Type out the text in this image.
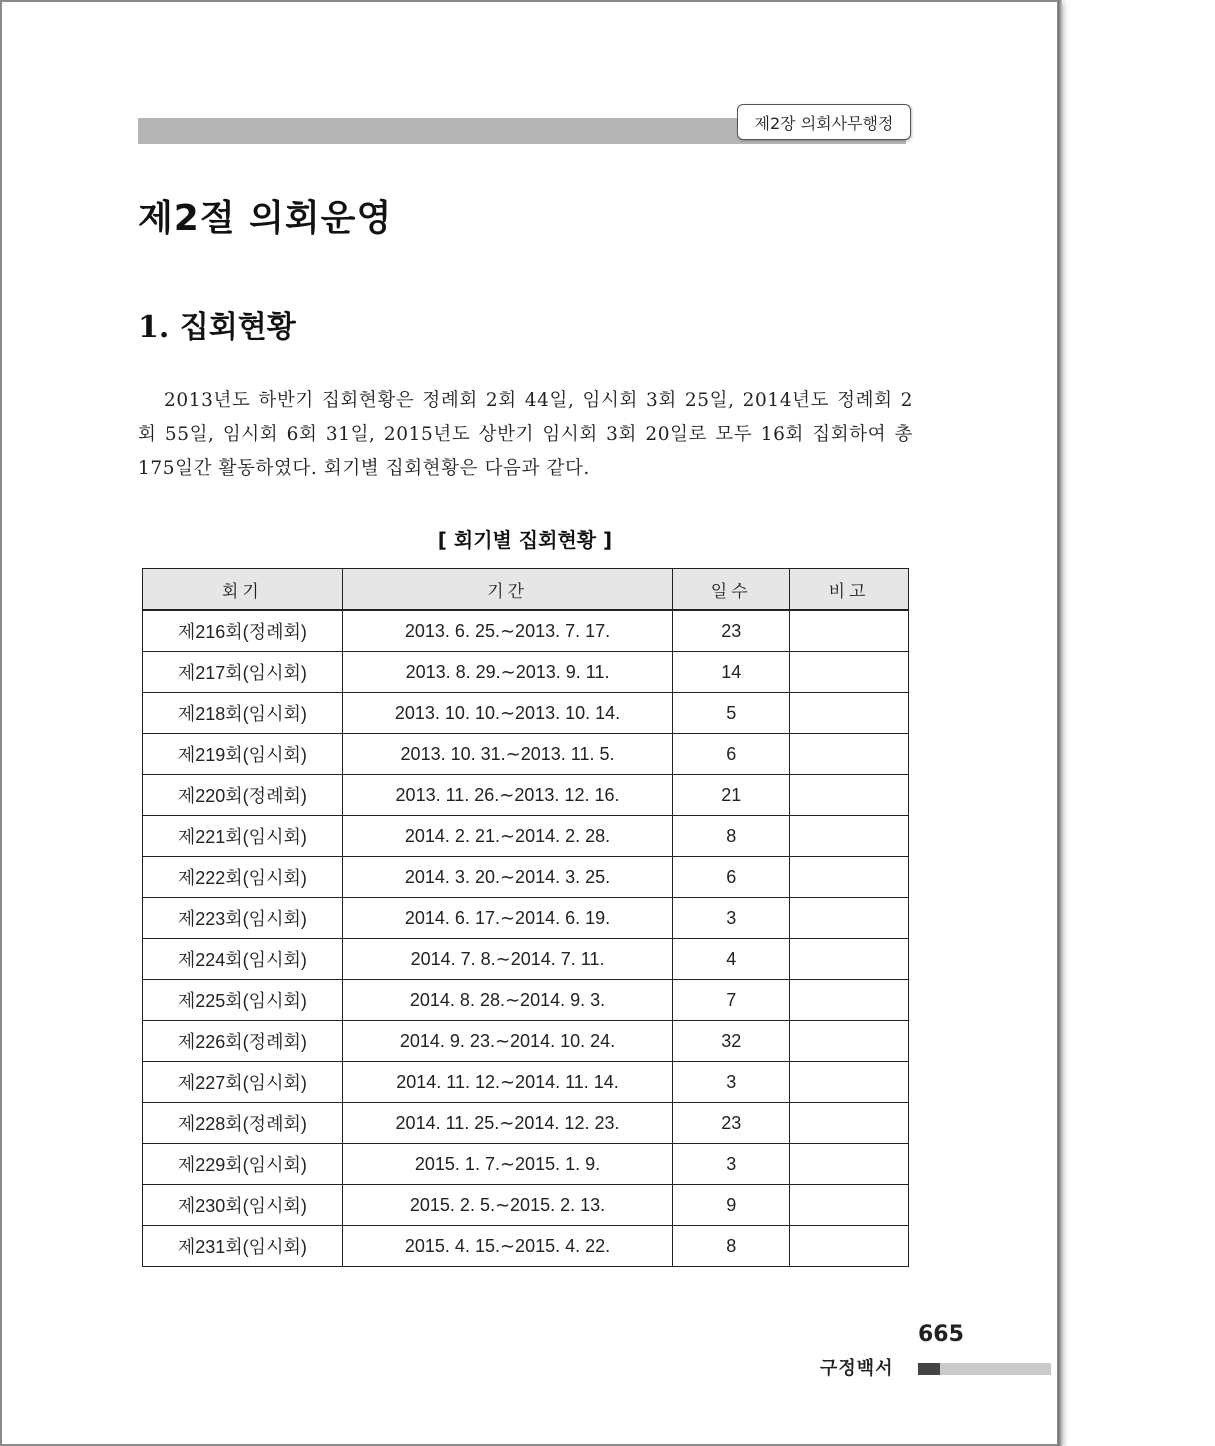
제2장 의회사무행정
제2절 의회운영
1. 집회현황

2013년도 하반기 집회현황은 정례회 2회 44일, 임시회 3회 25일, 2014년도 정례회 2회 55일, 임시회 6회 31일, 2015년도 상반기 임시회 3회 20일로 모두 16회 집회하여 총 175일간 활동하였다. 회기별 집회현황은 다음과 같다.

[ 회기별 집회현황 ]
회기	기간	일수	비고
제216회(정례회)	2013. 6. 25.∼2013. 7. 17.	23	
제217회(임시회)	2013. 8. 29.∼2013. 9. 11.	14	
제218회(임시회)	2013. 10. 10.∼2013. 10. 14.	5	
제219회(임시회)	2013. 10. 31.∼2013. 11. 5.	6	
제220회(정례회)	2013. 11. 26.∼2013. 12. 16.	21	
제221회(임시회)	2014. 2. 21.∼2014. 2. 28.	8	
제222회(임시회)	2014. 3. 20.∼2014. 3. 25.	6	
제223회(임시회)	2014. 6. 17.∼2014. 6. 19.	3	
제224회(임시회)	2014. 7. 8.∼2014. 7. 11.	4	
제225회(임시회)	2014. 8. 28.∼2014. 9. 3.	7	
제226회(정례회)	2014. 9. 23.∼2014. 10. 24.	32	
제227회(임시회)	2014. 11. 12.∼2014. 11. 14.	3	
제228회(정례회)	2014. 11. 25.∼2014. 12. 23.	23	
제229회(임시회)	2015. 1. 7.∼2015. 1. 9.	3	
제230회(임시회)	2015. 2. 5.∼2015. 2. 13.	9	
제231회(임시회)	2015. 4. 15.∼2015. 4. 22.	8	
665
구정백서
